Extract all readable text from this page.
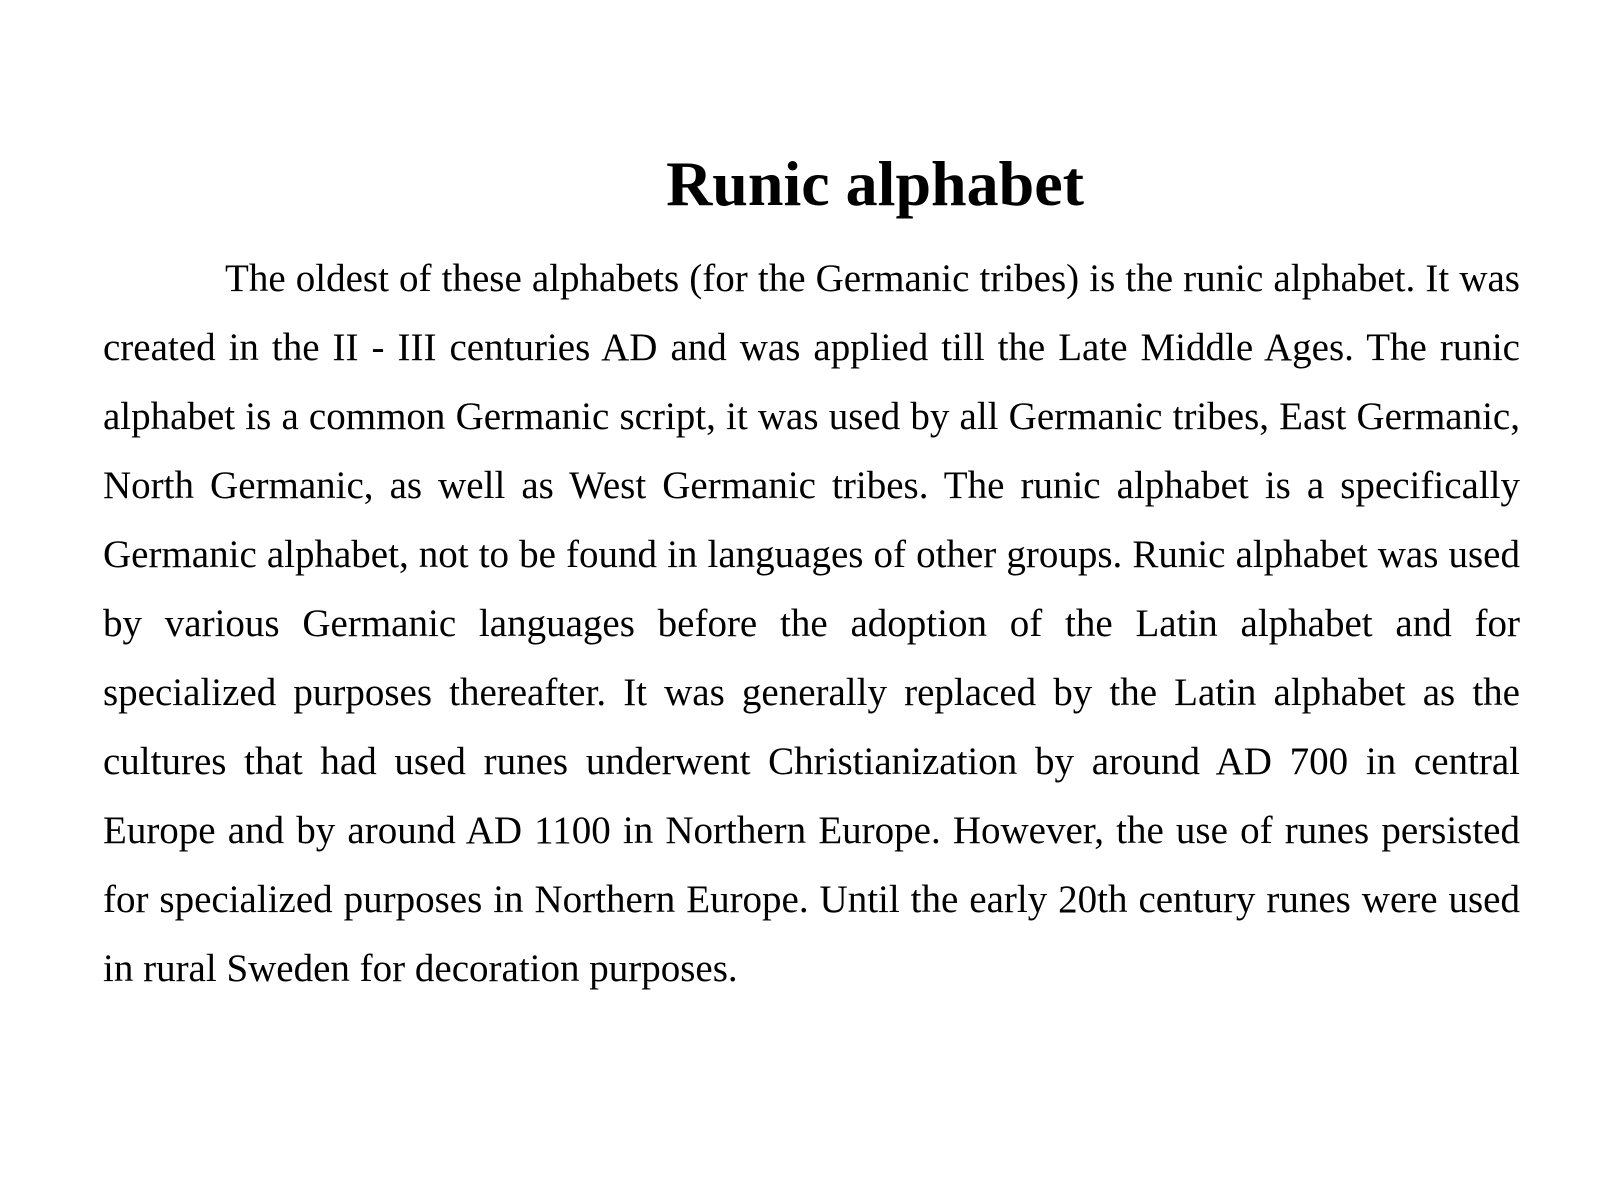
Runic alphabet

The oldest of these alphabets (for the Germanic tribes) is the runic alphabet. It was created in the II - III centuries AD and was applied till the Late Middle Ages. The runic alphabet is a common Germanic script, it was used by all Germanic tribes, East Germanic, North Germanic, as well as West Germanic tribes. The runic alphabet is a specifically Germanic alphabet, not to be found in languages of other groups. Runic alphabet was used by various Germanic languages before the adoption of the Latin alphabet and for specialized purposes thereafter. It was generally replaced by the Latin alphabet as the cultures that had used runes underwent Christianization by around AD 700 in central Europe and by around AD 1100 in Northern Europe. However, the use of runes persisted for specialized purposes in Northern Europe. Until the early 20th century runes were used in rural Sweden for decoration purposes.
